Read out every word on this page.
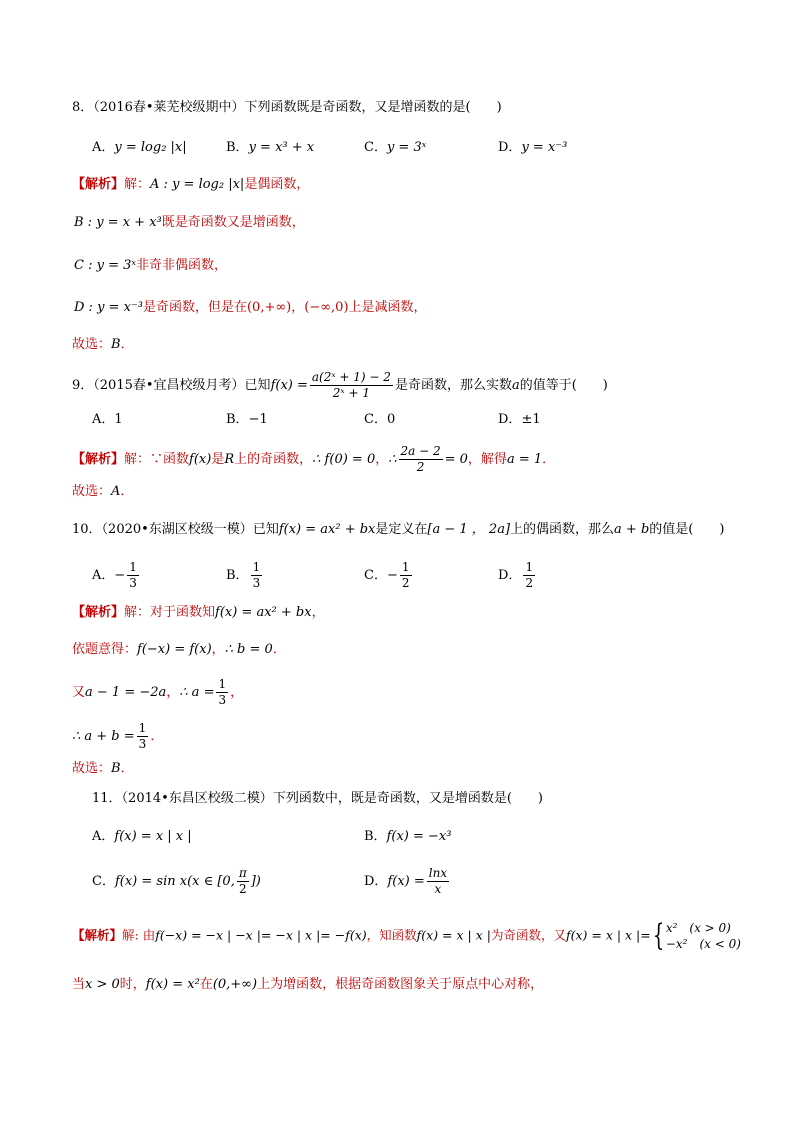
8．（2016春•莱芜校级期中）下列函数既是奇函数，又是增函数的是(　　)
A．y = log₂ |x|	B．y = x³ + x	C．y = 3ˣ	D．y = x⁻³
【解析】解：A : y = log₂ |x|是偶函数，
B : y = x + x³既是奇函数又是增函数，
C : y = 3ˣ非奇非偶函数，
D : y = x⁻³是奇函数，但是在(0,+∞)，(−∞,0)上是减函数，
故选：B．
9．（2015春•宜昌校级月考）已知$f(x) = \frac{\text{a(2ˣ + 1) − 2}}{\text{2ˣ + 1}}$ 是奇函数，那么实数a的值等于(　　)
A．1	B．−1	C．0	D．±1
【解析】解：∵函数f(x)是R上的奇函数，∴ f(0) = 0，∴ $\frac{2a - 2}{2} = 0$，解得a = 1．
故选：A．
10．（2020•东湖区校级一模）已知f(x) = ax² + bx是定义在[a − 1 ， 2a]上的偶函数，那么a + b的值是(　　)
A．− $\frac{1}{3}$	B． $\frac{1}{3}$	C．− $\frac{1}{2}$	D． $\frac{1}{2}$
【解析】解：对于函数知f(x) = ax² + bx，
依题意得：f(−x) = f(x)，∴ b = 0．
又a − 1 = −2a，∴ $a = \frac{1}{3}$ ，
∴ $a + b = \frac{1}{3}$ ．
故选：B．
11．（2014•东昌区校级二模）下列函数中，既是奇函数，又是增函数是(　　)
A．f(x) = x | x |	B．f(x) = −x³
C．f(x) = sin x(x ∈ [0, $\frac{\pi}{2}$ ])	D．$f(x) = \frac{\ln x}{x}$
【解析】解: 由f(−x) = −x | −x |= −x | x |= −f(x)，知函数f(x) = x | x |为奇函数，又f(x) = x | x |={ x²　(x > 0)
−x²　(x < 0)
当x > 0时，f(x) = x²在(0,+∞)上为增函数，根据奇函数图象关于原点中心对称，
